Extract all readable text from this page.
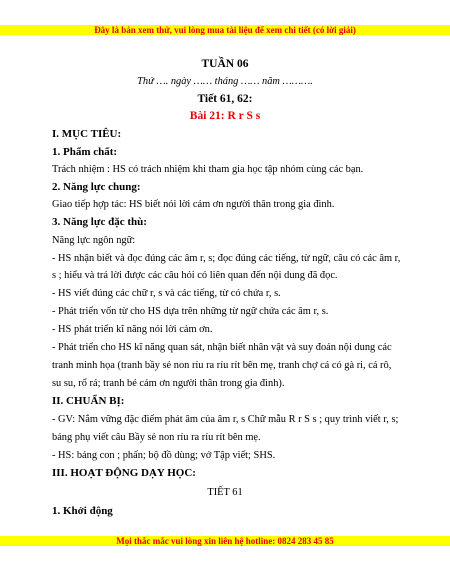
Đây là bản xem thử, vui lòng mua tài liệu để xem chi tiết (có lời giải)
TUẦN 06
Thứ …. ngày …… tháng …… năm ……….
Tiết 61, 62:
Bài 21: R r S s
I. MỤC TIÊU:
1. Phẩm chất:
Trách nhiệm : HS có trách nhiệm khi tham gia học tập nhóm cùng các bạn.
2. Năng lực chung:
Giao tiếp hợp tác: HS biết nói lời cảm ơn người thân trong gia đình.
3. Năng lực đặc thù:
Năng lực ngôn ngữ:
- HS nhận biết và đọc đúng các âm r, s; đọc đúng các tiếng, từ ngữ, câu có các âm r,
s ; hiểu và trả lời được các câu hỏi có liên quan đến nội dung đã đọc.
- HS viết đúng các chữ r, s và các tiếng, từ có chứa r, s.
- Phát triển vốn từ cho HS dựa trên những từ ngữ chứa các âm r, s.
- HS phát triển kĩ năng nói lời cảm ơn.
- Phát triển cho HS kĩ năng quan sát, nhận biết nhân vật và suy đoán nội dung các
tranh minh họa (tranh bầy sẻ non ríu ra ríu rít bên mẹ, tranh chợ cá có gà ri, cá rô,
su su, rổ rá; tranh bé cảm ơn người thân trong gia đình).
II. CHUẨN BỊ:
- GV: Nắm vững đặc điểm phát âm của âm r, s Chữ mẫu R r S s ; quy trình viết r, s;
bảng phụ viết câu Bầy sẻ non ríu ra ríu rít bên mẹ.
- HS: bảng con ; phấn; bộ đồ dùng; vở Tập viết; SHS.
III. HOẠT ĐỘNG DẠY HỌC:
TIẾT 61
1. Khởi động
Mọi thắc mắc vui lòng xin liên hệ hotline: 0824 283 45 85
